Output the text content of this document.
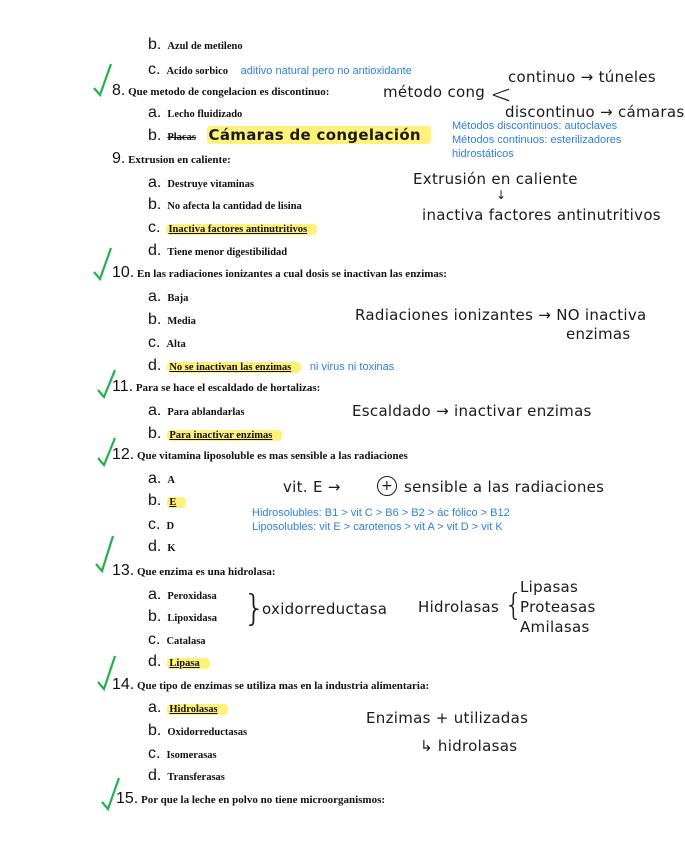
b. Azul de metileno
c. Acido sorbico aditivo natural pero no antioxidante
8. Que metodo de congelacion es discontinuo:
a. Lecho fluidizado
b. Placas Cámaras de congelación
método cong <
continuo → túneles
discontinuo → cámaras
Métodos discontinuos: autoclaves
Métodos continuos: esterilizadores
hidrostáticos
9. Extrusion en caliente:
a. Destruye vitaminas
b. No afecta la cantidad de lisina
c. Inactiva factores antinutritivos
d. Tiene menor digestibilidad
Extrusión en caliente
↓
inactiva factores antinutritivos
10. En las radiaciones ionizantes a cual dosis se inactivan las enzimas:
a. Baja
b. Media
c. Alta
d. No se inactivan las enzimas ni virus ni toxinas
Radiaciones ionizantes → NO inactiva
enzimas
11. Para se hace el escaldado de hortalizas:
a. Para ablandarlas
b. Para inactivar enzimas
Escaldado → inactivar enzimas
12. Que vitamina liposoluble es mas sensible a las radiaciones
a. A
b. E
c. D
d. K
vit. E →	+ sensible a las radiaciones
Hidrosolubles: B1 > vit C > B6 > B2 > ác fólico > B12
Liposolubles: vit E > carotenos > vit A > vit D > vit K
13. Que enzima es una hidrolasa:
a. Peroxidasa
b. Lipoxidasa
c. Catalasa
d. Lipasa
}
oxidorreductasa Hidrolasas {
Lipasas
Proteasas
Amilasas
14. Que tipo de enzimas se utiliza mas en la industria alimentaria:
a. Hidrolasas
b. Oxidorreductasas
c. Isomerasas
d. Transferasas
Enzimas + utilizadas
↳ hidrolasas
15. Por que la leche en polvo no tiene microorganismos:
